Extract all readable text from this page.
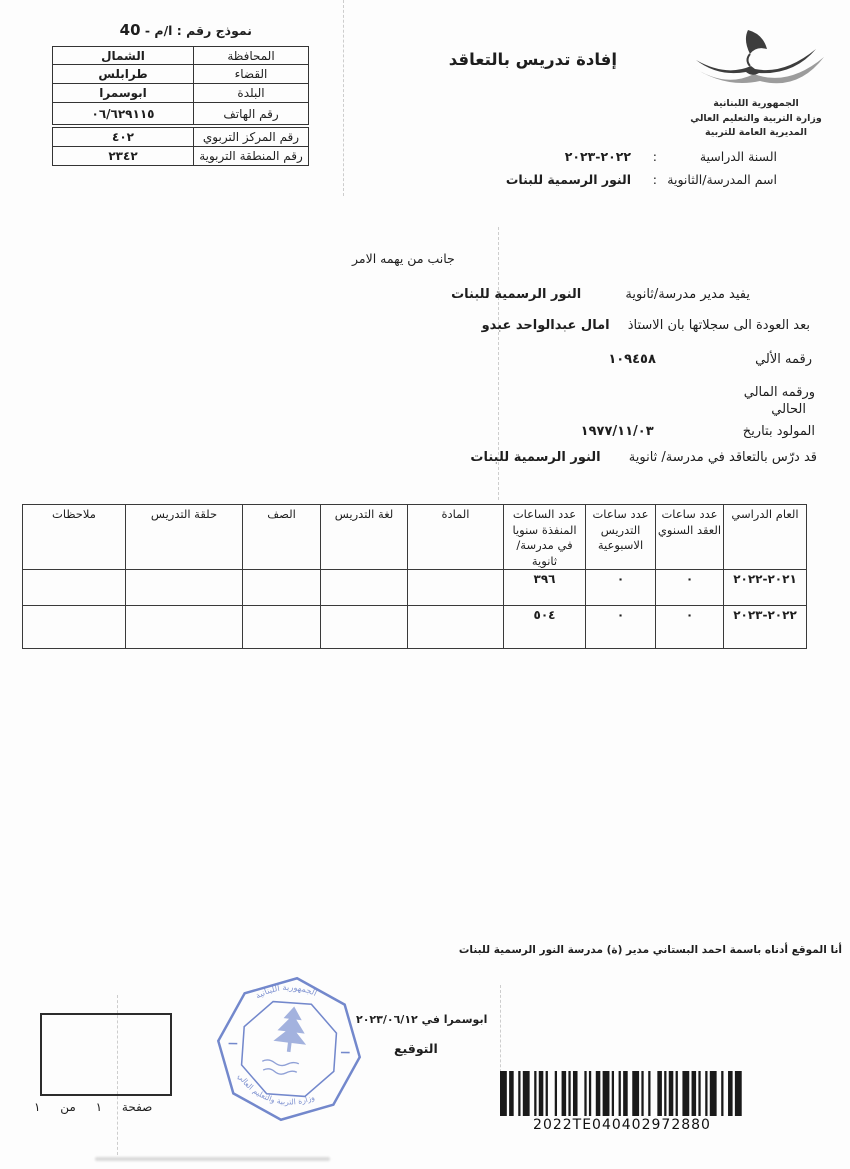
نموذج رقم : ا/م - 40
المحافظة	الشمال
القضاء	طرابلس
البلدة	ابوسمرا
رقم الهاتف	٠٦/٦٢٩١١٥
رقم المركز التربوي	٤٠٢
رقم المنطقة التربوية	٢٣٤٢
الجمهورية اللبنانية
وزارة التربية والتعليم العالي
المديرية العامة للتربية
إفادة تدريس بالتعاقد
السنة الدراسية:٢٠٢٢-٢٠٢٣
اسم المدرسة/الثانوية:النور الرسمية للبنات
جانب من يهمه الامر
يفيد مدير مدرسة/ثانوية النور الرسمية للبنات
بعد العودة الى سجلاتها بان الاستاذ امال عبدالواحد عبدو
رقمه الألي ١٠٩٤٥٨
ورقمه المالي
الحالي
المولود بتاريخ ١٩٧٧/١١/٠٣
قد درّس بالتعاقد في مدرسة/ ثانوية النور الرسمية للبنات
العام الدراسي	عدد ساعات العقد السنوي	عدد ساعات التدريس الاسبوعية	عدد الساعات المنفذة سنويا في مدرسة/ثانوية	المادة	لغة التدريس	الصف	حلقة التدريس	ملاحظات
٢٠٢١-٢٠٢٢	٠	٠	٣٩٦					
٢٠٢٢-٢٠٢٣	٠	٠	٥٠٤					
أنا الموقع أدناه باسمة احمد البستاني مدير (ة) مدرسة النور الرسمية للبنات
الجمهورية اللبنانية
وزارة التربية والتعليم العالي
ابوسمرا في ٢٠٢٣/٠٦/١٢
التوقيع
2022TE040402972880
صفحة ١ من ١
